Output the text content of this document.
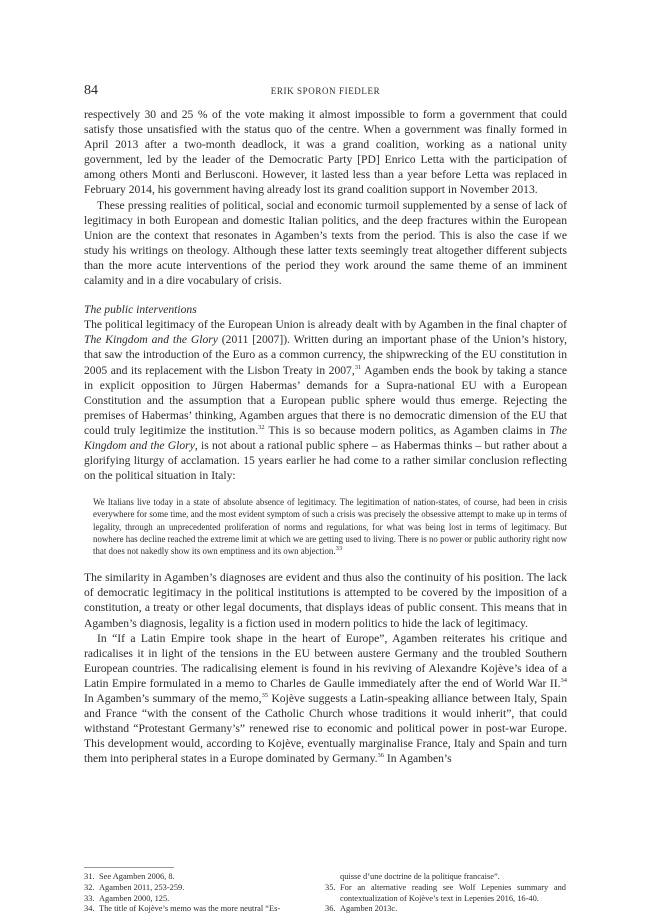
84	ERIK SPORON FIEDLER

respectively 30 and 25 % of the vote making it almost impossible to form a government that could satisfy those unsatisfied with the status quo of the centre. When a government was finally formed in April 2013 after a two-month deadlock, it was a grand coalition, working as a national unity government, led by the leader of the Democratic Party [PD] Enrico Letta with the participation of among others Monti and Berlusconi. However, it lasted less than a year before Letta was replaced in February 2014, his government having already lost its grand coalition support in November 2013.

These pressing realities of political, social and economic turmoil supplemented by a sense of lack of legitimacy in both European and domestic Italian politics, and the deep fractures within the European Union are the context that resonates in Agamben’s texts from the period. This is also the case if we study his writings on theology. Although these latter texts seemingly treat altogether different subjects than the more acute interventions of the period they work around the same theme of an imminent calamity and in a dire vocabulary of crisis.

The public interventions

The political legitimacy of the European Union is already dealt with by Agamben in the final chapter of The Kingdom and the Glory (2011 [2007]). Written during an important phase of the Union’s history, that saw the introduction of the Euro as a common currency, the shipwrecking of the EU constitution in 2005 and its replacement with the Lisbon Treaty in 2007,31 Agamben ends the book by taking a stance in explicit opposition to Jürgen Habermas’ demands for a Supra-national EU with a European Constitution and the assumption that a European public sphere would thus emerge. Rejecting the premises of Habermas’ thinking, Agamben argues that there is no democratic dimension of the EU that could truly legitimize the institution.$^{32}$ This is so because modern politics, as Agamben claims in The Kingdom and the Glory, is not about a rational public sphere – as Habermas thinks – but rather about a glorifying liturgy of acclamation. 15 years earlier he had come to a rather similar conclusion reflecting on the political situation in Italy:

We Italians live today in a state of absolute absence of legitimacy. The legitimation of nation-states, of course, had been in crisis everywhere for some time, and the most evident symptom of such a crisis was precisely the obsessive attempt to make up in terms of legality, through an unprecedented proliferation of norms and regulations, for what was being lost in terms of legitimacy. But nowhere has decline reached the extreme limit at which we are getting used to living. There is no power or public authority right now that does not nakedly show its own emptiness and its own abjection.$^{33}$

The similarity in Agamben’s diagnoses are evident and thus also the continuity of his position. The lack of democratic legitimacy in the political institutions is attempted to be covered by the imposition of a constitution, a treaty or other legal documents, that displays ideas of public consent. This means that in Agamben’s diagnosis, legality is a fiction used in modern politics to hide the lack of legitimacy.

In “If a Latin Empire took shape in the heart of Europe”, Agamben reiterates his critique and radicalises it in light of the tensions in the EU between austere Germany and the troubled Southern European countries. The radicalising element is found in his reviving of Alexandre Kojève’s idea of a Latin Empire formulated in a memo to Charles de Gaulle immediately after the end of World War II.$^{34}$ In Agamben’s summary of the memo,$^{35}$ Kojève suggests a Latin-speaking alliance between Italy, Spain and France “with the consent of the Catholic Church whose traditions it would inherit”, that could withstand “Protestant Germany’s” renewed rise to economic and political power in post-war Europe. This development would, according to Kojève, eventually marginalise France, Italy and Spain and turn them into peripheral states in a Europe dominated by Germany.$^{36}$ In Agamben’s

31. See Agamben 2006, 8.
32. Agamben 2011, 253-259.
33. Agamben 2000, 125.
34. The title of Kojève’s memo was the more neutral “Es-
quisse d’une doctrine de la politique francaise”.
35. For an alternative reading see Wolf Lepenies summary and contextualization of Kojève’s text in Lepenies 2016, 16-40.
36. Agamben 2013c.
